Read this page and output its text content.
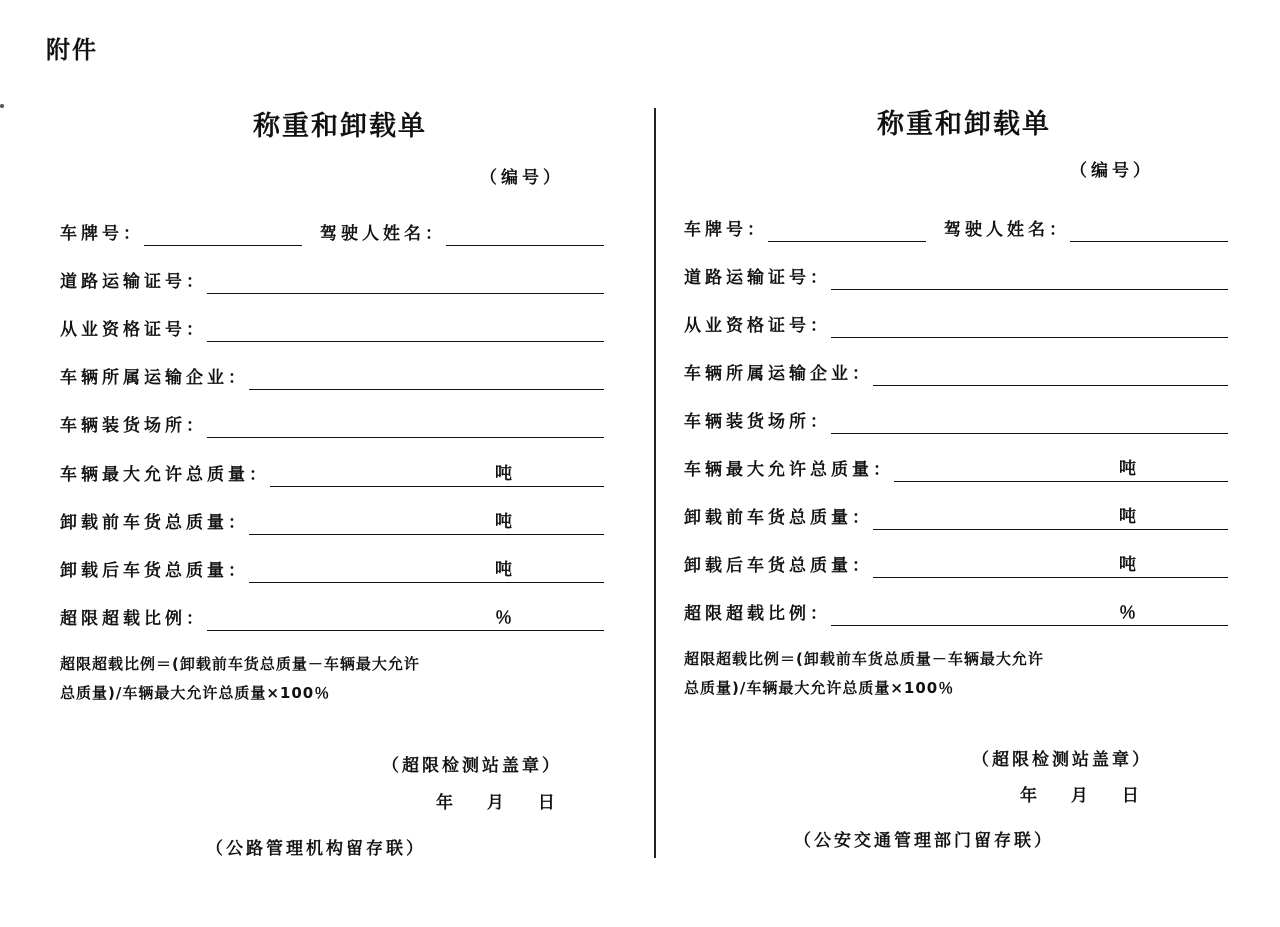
附件
称重和卸载单
（编号）
车牌号：	驾驶人姓名：
道路运输证号：
从业资格证号：
车辆所属运输企业：
车辆装货场所：
车辆最大允许总质量：	吨
卸载前车货总质量：	吨
卸载后车货总质量：	吨
超限超载比例：	％

超限超载比例＝(卸载前车货总质量－车辆最大允许

总质量)/车辆最大允许总质量×100％

（超限检测站盖章）
年 月 日
（公路管理机构留存联）
称重和卸载单
（编号）
车牌号：	驾驶人姓名：
道路运输证号：
从业资格证号：
车辆所属运输企业：
车辆装货场所：
车辆最大允许总质量：	吨
卸载前车货总质量：	吨
卸载后车货总质量：	吨
超限超载比例：	％

超限超载比例＝(卸载前车货总质量－车辆最大允许

总质量)/车辆最大允许总质量×100％

（超限检测站盖章）
年 月 日
（公安交通管理部门留存联）
